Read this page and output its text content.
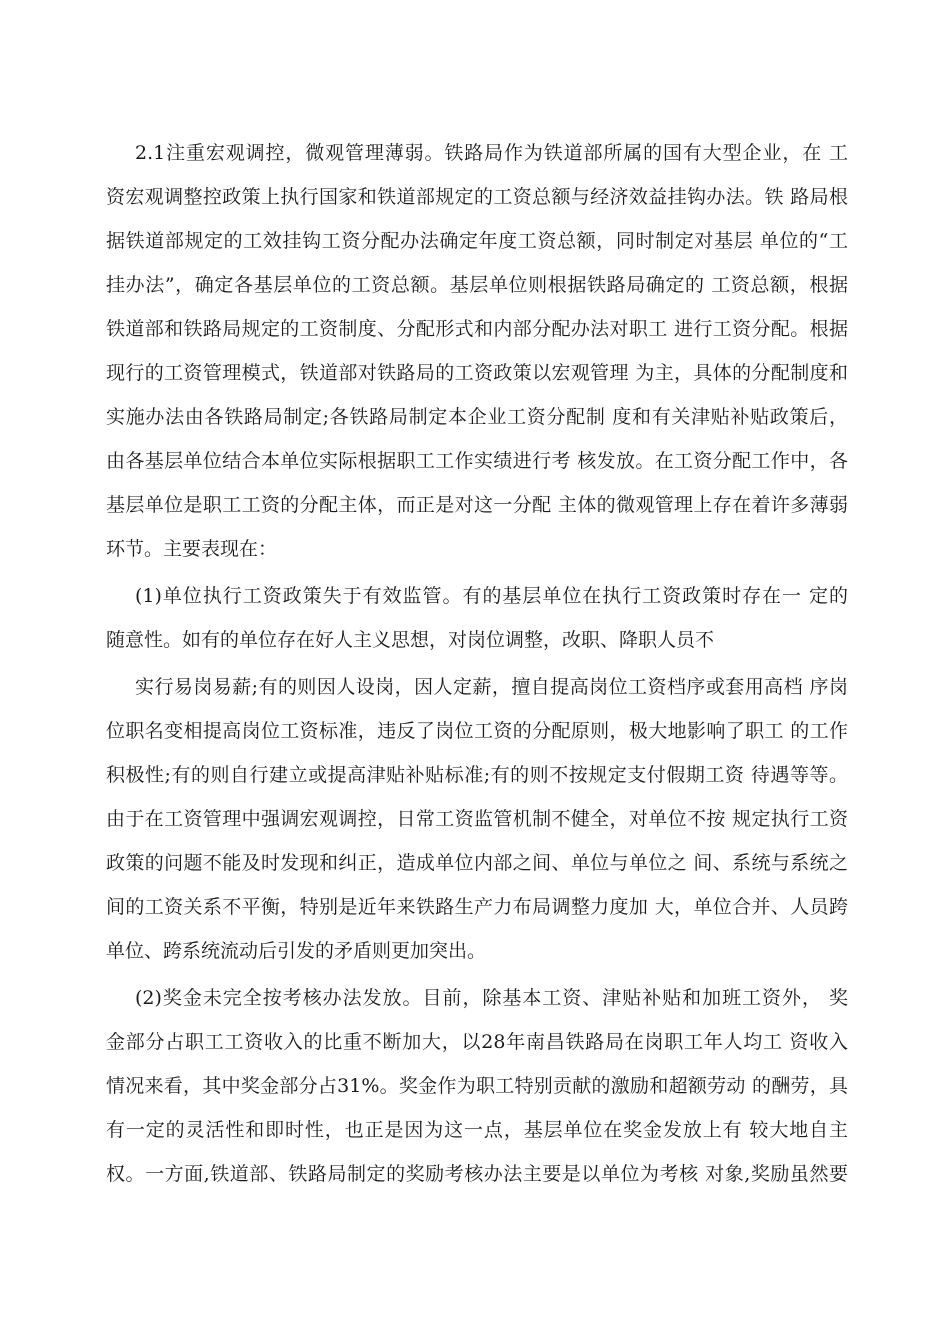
2.1注重宏观调控，微观管理薄弱。铁路局作为铁道部所属的国有大型企业，在 工
资宏观调整控政策上执行国家和铁道部规定的工资总额与经济效益挂钩办法。铁 路局根
据铁道部规定的工效挂钩工资分配办法确定年度工资总额，同时制定对基层 单位的“工
挂办法”，确定各基层单位的工资总额。基层单位则根据铁路局确定的 工资总额，根据
铁道部和铁路局规定的工资制度、分配形式和内部分配办法对职工 进行工资分配。根据
现行的工资管理模式，铁道部对铁路局的工资政策以宏观管理 为主，具体的分配制度和
实施办法由各铁路局制定;各铁路局制定本企业工资分配制 度和有关津贴补贴政策后，
由各基层单位结合本单位实际根据职工工作实绩进行考 核发放。在工资分配工作中，各
基层单位是职工工资的分配主体，而正是对这一分配 主体的微观管理上存在着许多薄弱
环节。主要表现在：
(1)单位执行工资政策失于有效监管。有的基层单位在执行工资政策时存在一 定的
随意性。如有的单位存在好人主义思想，对岗位调整，改职、降职人员不
实行易岗易薪;有的则因人设岗，因人定薪，擅自提高岗位工资档序或套用高档 序岗
位职名变相提高岗位工资标准，违反了岗位工资的分配原则，极大地影响了职工 的工作
积极性;有的则自行建立或提高津贴补贴标准;有的则不按规定支付假期工资 待遇等等。
由于在工资管理中强调宏观调控，日常工资监管机制不健全，对单位不按 规定执行工资
政策的问题不能及时发现和纠正，造成单位内部之间、单位与单位之 间、系统与系统之
间的工资关系不平衡，特别是近年来铁路生产力布局调整力度加 大，单位合并、人员跨
单位、跨系统流动后引发的矛盾则更加突出。
(2)奖金未完全按考核办法发放。目前，除基本工资、津贴补贴和加班工资外， 奖
金部分占职工工资收入的比重不断加大，以28年南昌铁路局在岗职工年人均工 资收入
情况来看，其中奖金部分占31%。奖金作为职工特别贡献的激励和超额劳动 的酬劳，具
有一定的灵活性和即时性，也正是因为这一点，基层单位在奖金发放上有 较大地自主
权。一方面,铁道部、铁路局制定的奖励考核办法主要是以单位为考核 对象,奖励虽然要
